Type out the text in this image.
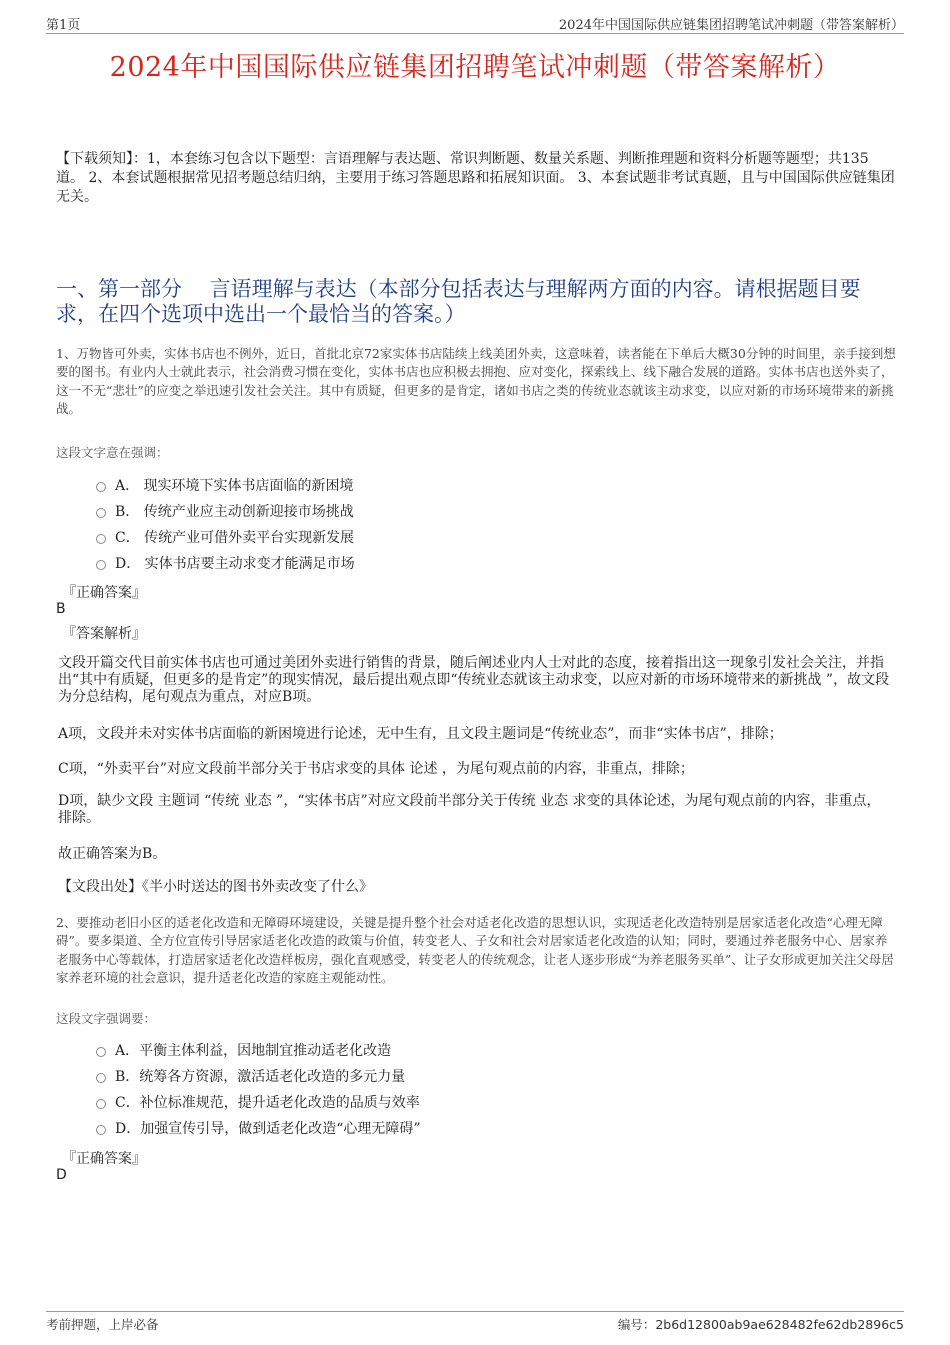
第1页	2024年中国国际供应链集团招聘笔试冲刺题（带答案解析）
2024年中国国际供应链集团招聘笔试冲刺题（带答案解析）
【下载须知】：1，本套练习包含以下题型：言语理解与表达题、常识判断题、数量关系题、判断推理题和资料分析题等题型；共135道。 2、本套试题根据常见招考题总结归纳，主要用于练习答题思路和拓展知识面。 3、本套试题非考试真题，且与中国国际供应链集团无关。
一、第一部分　 言语理解与表达（本部分包括表达与理解两方面的内容。请根据题目要求，在四个选项中选出一个最恰当的答案。）
1、万物皆可外卖，实体书店也不例外，近日，首批北京72家实体书店陆续上线美团外卖，这意味着，读者能在下单后大概30分钟的时间里，亲手接到想要的图书。有业内人士就此表示，社会消费习惯在变化，实体书店也应积极去拥抱、应对变化，探索线上、线下融合发展的道路。实体书店也送外卖了，这一不无“悲壮”的应变之举迅速引发社会关注。其中有质疑，但更多的是肯定，诸如书店之类的传统业态就该主动求变，以应对新的市场环境带来的新挑战。
这段文字意在强调：
A． 现实环境下实体书店面临的新困境
B． 传统产业应主动创新迎接市场挑战
C． 传统产业可借外卖平台实现新发展
D． 实体书店要主动求变才能满足市场
『正确答案』
B
『答案解析』
文段开篇交代目前实体书店也可通过美团外卖进行销售的背景，随后阐述业内人士对此的态度，接着指出这一现象引发社会关注，并指出“其中有质疑，但更多的是肯定”的现实情况，最后提出观点即“传统业态就该主动求变，以应对新的市场环境带来的新挑战 ”，故文段为分总结构，尾句观点为重点，对应B项。
A项，文段并未对实体书店面临的新困境进行论述，无中生有，且文段主题词是“传统业态”，而非“实体书店”，排除；
C项，“外卖平台”对应文段前半部分关于书店求变的具体 论述 ，为尾句观点前的内容，非重点，排除；
D项，缺少文段 主题词 “传统 业态 ”，“实体书店”对应文段前半部分关于传统 业态 求变的具体论述，为尾句观点前的内容，非重点，排除。
故正确答案为B。
【文段出处】《半小时送达的图书外卖改变了什么》
2、要推动老旧小区的适老化改造和无障碍环境建设，关键是提升整个社会对适老化改造的思想认识，实现适老化改造特别是居家适老化改造“心理无障碍”。要多渠道、全方位宣传引导居家适老化改造的政策与价值，转变老人、子女和社会对居家适老化改造的认知；同时，要通过养老服务中心、居家养老服务中心等载体，打造居家适老化改造样板房，强化直观感受，转变老人的传统观念，让老人逐步形成“为养老服务买单”、让子女形成更加关注父母居家养老环境的社会意识，提升适老化改造的家庭主观能动性。
这段文字强调要：
A．平衡主体利益，因地制宜推动适老化改造
B．统筹各方资源，激活适老化改造的多元力量
C．补位标准规范，提升适老化改造的品质与效率
D．加强宣传引导，做到适老化改造“心理无障碍”
『正确答案』
D
考前押题，上岸必备	编号：2b6d12800ab9ae628482fe62db2896c5
